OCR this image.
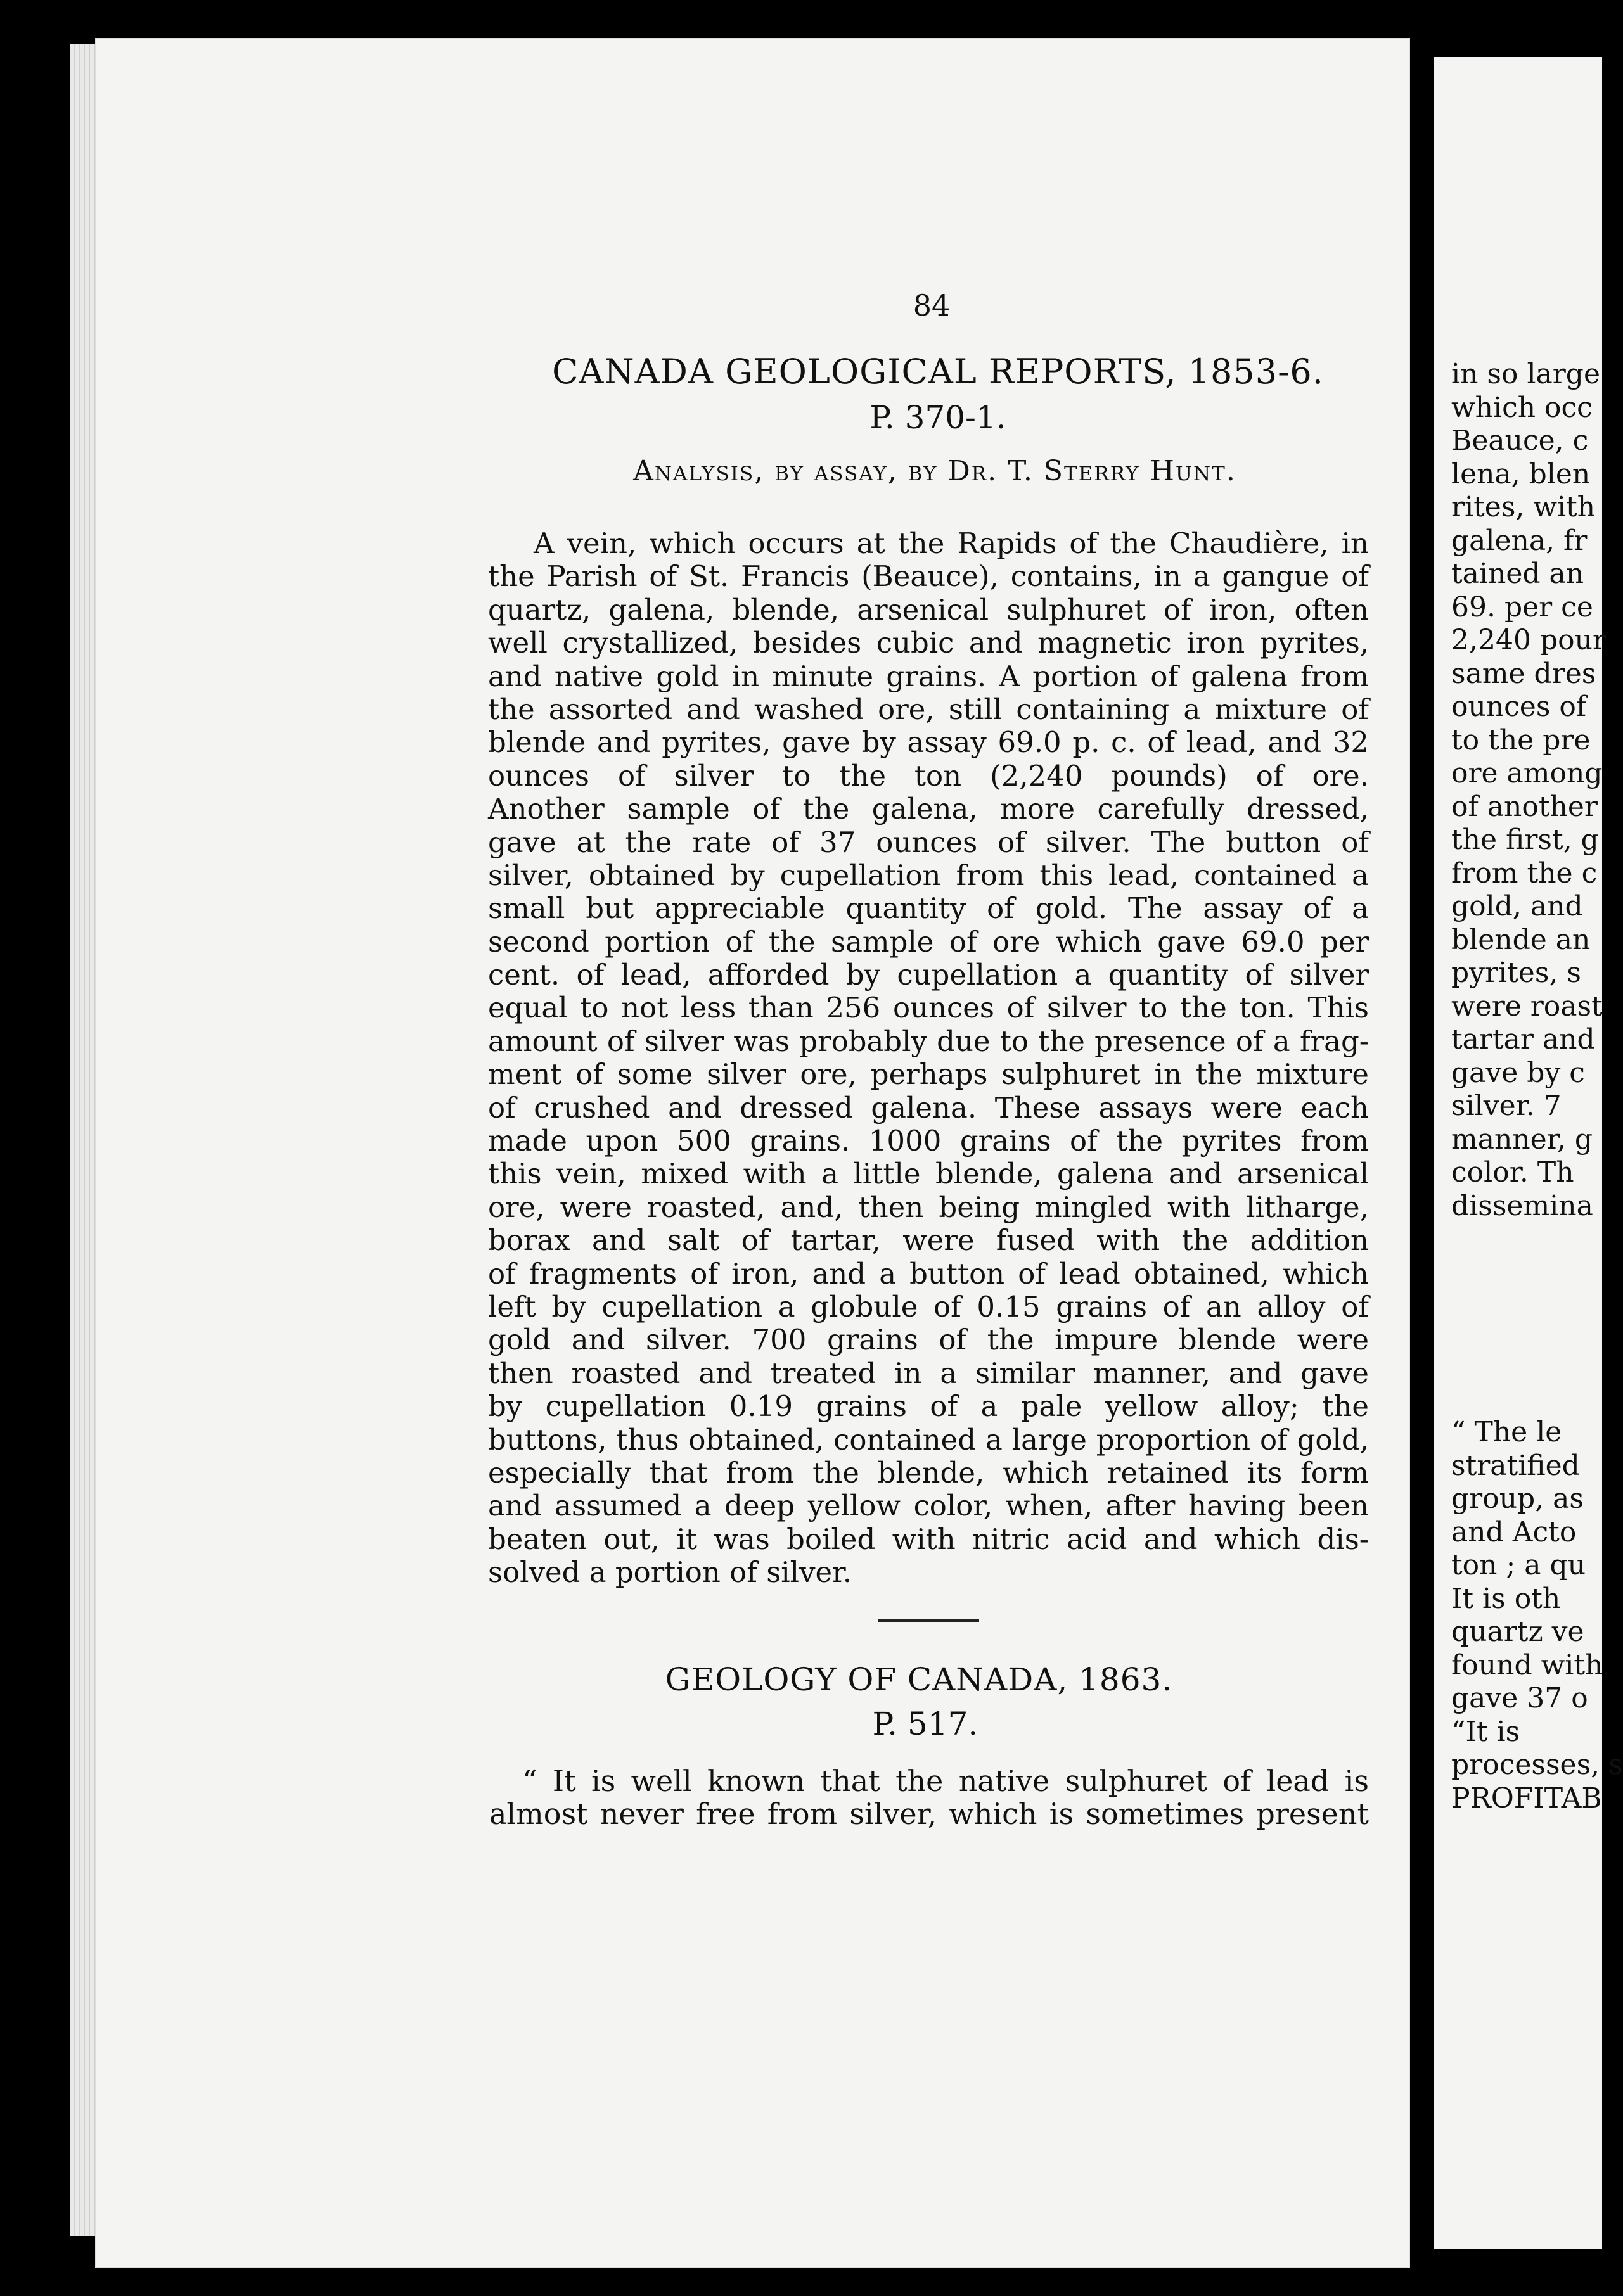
84
CANADA GEOLOGICAL REPORTS, 1853-6.
P. 370-1.
Analysis, by assay, by Dr. T. Sterry Hunt.
A vein, which occurs at the Rapids of the Chaudière, in
the Parish of St. Francis (Beauce), contains, in a gangue of
quartz, galena, blende, arsenical sulphuret of iron, often
well crystallized, besides cubic and magnetic iron pyrites,
and native gold in minute grains. A portion of galena from
the assorted and washed ore, still containing a mixture of
blende and pyrites, gave by assay 69.0 p. c. of lead, and 32
ounces of silver to the ton (2,240 pounds) of ore.
Another sample of the galena, more carefully dressed,
gave at the rate of 37 ounces of silver. The button of
silver, obtained by cupellation from this lead, contained a
small but appreciable quantity of gold. The assay of a
second portion of the sample of ore which gave 69.0 per
cent. of lead, afforded by cupellation a quantity of silver
equal to not less than 256 ounces of silver to the ton. This
amount of silver was probably due to the presence of a frag-
ment of some silver ore, perhaps sulphuret in the mixture
of crushed and dressed galena. These assays were each
made upon 500 grains. 1000 grains of the pyrites from
this vein, mixed with a little blende, galena and arsenical
ore, were roasted, and, then being mingled with litharge,
borax and salt of tartar, were fused with the addition
of fragments of iron, and a button of lead obtained, which
left by cupellation a globule of 0.15 grains of an alloy of
gold and silver. 700 grains of the impure blende were
then roasted and treated in a similar manner, and gave
by cupellation 0.19 grains of a pale yellow alloy; the
buttons, thus obtained, contained a large proportion of gold,
especially that from the blende, which retained its form
and assumed a deep yellow color, when, after having been
beaten out, it was boiled with nitric acid and which dis-
solved a portion of silver.
GEOLOGY OF CANADA, 1863.
P. 517.
“ It is well known that the native sulphuret of lead is
almost never free from silver, which is sometimes present
in so large
which occ
Beauce, c
lena, blen
rites, with
galena, fr
tained an
69. per ce
2,240 pour
same dres
ounces of
to the pre
ore among
of another
the first, g
from the c
gold, and
blende an
pyrites, s
were roast
tartar and
gave by c
silver. 7
manner, g
color. Th
dissemina
“ The le
stratified
group, as
and Acto
ton ; a qu
It is oth
quartz ve
found with
gave 37 o
“It is
processes, s
PROFITAB
